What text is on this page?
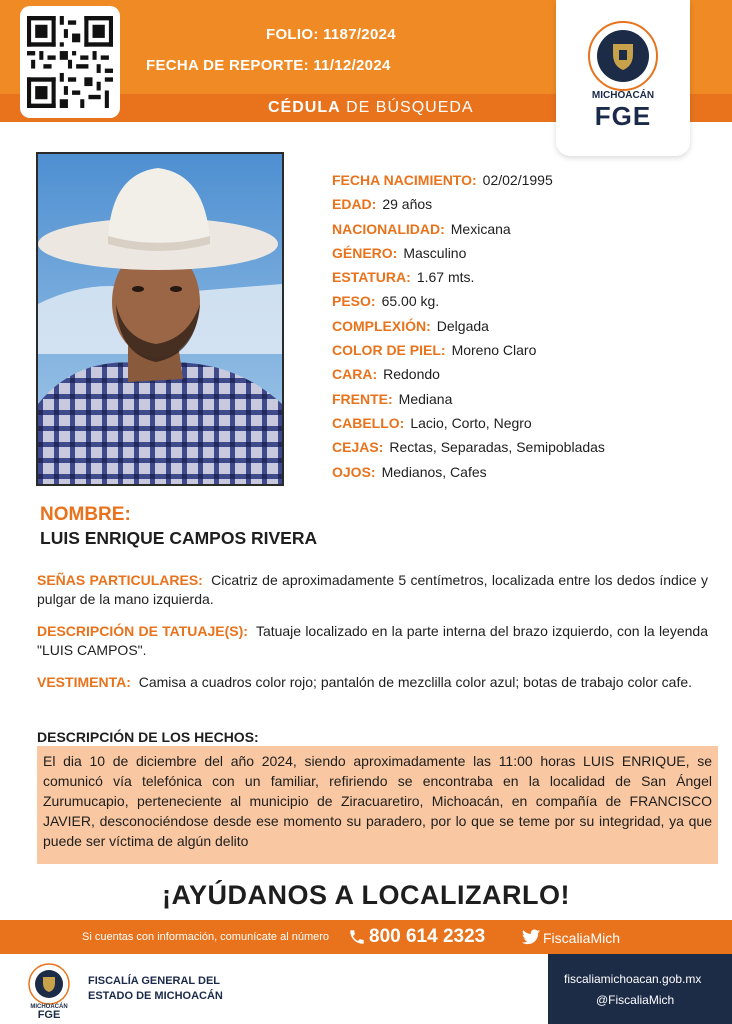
FOLIO: 1187/2024
FECHA DE REPORTE: 11/12/2024
CÉDULA DE BÚSQUEDA
MICHOACÁN
FGE
FECHA NACIMIENTO: 02/02/1995
EDAD: 29 años
NACIONALIDAD: Mexicana
GÉNERO: Masculino
ESTATURA: 1.67 mts.
PESO: 65.00 kg.
COMPLEXIÓN: Delgada
COLOR DE PIEL: Moreno Claro
CARA: Redondo
FRENTE: Mediana
CABELLO: Lacio, Corto, Negro
CEJAS: Rectas, Separadas, Semipobladas
OJOS: Medianos, Cafes
NOMBRE:
LUIS ENRIQUE CAMPOS RIVERA
SEÑAS PARTICULARES: Cicatriz de aproximadamente 5 centímetros, localizada entre los dedos índice y pulgar de la mano izquierda.
DESCRIPCIÓN DE TATUAJE(S): Tatuaje localizado en la parte interna del brazo izquierdo, con la leyenda "LUIS CAMPOS".
VESTIMENTA: Camisa a cuadros color rojo; pantalón de mezclilla color azul; botas de trabajo color cafe.
DESCRIPCIÓN DE LOS HECHOS:
El dia 10 de diciembre del año 2024, siendo aproximadamente las 11:00 horas LUIS ENRIQUE, se comunicó vía telefónica con un familiar, refiriendo se encontraba en la localidad de San Ángel Zurumucapio, perteneciente al municipio de Ziracuaretiro, Michoacán, en compañía de FRANCISCO JAVIER, desconociéndose desde ese momento su paradero, por lo que se teme por su integridad, ya que puede ser víctima de algún delito
¡AYÚDANOS A LOCALIZARLO!
Si cuentas con información, comunícate al número 800 614 2323	FiscaliaMich
MICHOACÁN
FGE
FISCALÍA GENERAL DEL
ESTADO DE MICHOACÁN
fiscaliamichoacan.gob.mx
@FiscaliaMich
